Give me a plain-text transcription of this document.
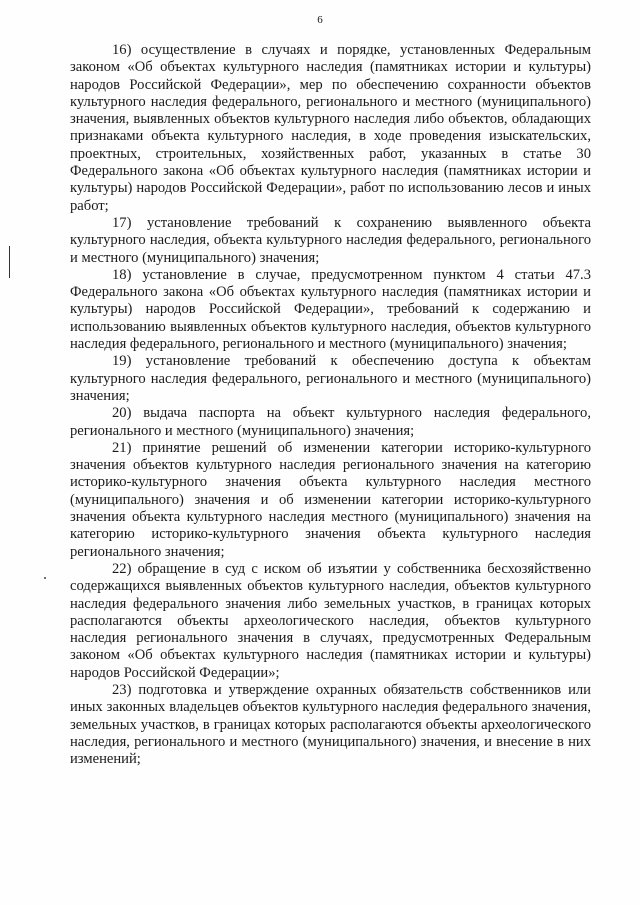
6

16) осуществление в случаях и порядке, установленных Федеральным законом «Об объектах культурного наследия (памятниках истории и культуры) народов Российской Федерации», мер по обеспечению сохранности объектов культурного наследия федерального, регионального и местного (муниципального) значения, выявленных объектов культурного наследия либо объектов, обладающих признаками объекта культурного наследия, в ходе проведения изыскательских, проектных, строительных, хозяйственных работ, указанных в статье 30 Федерального закона «Об объектах культурного наследия (памятниках истории и культуры) народов Российской Федерации», работ по использованию лесов и иных работ;

17) установление требований к сохранению выявленного объекта культурного наследия, объекта культурного наследия федерального, регионального и местного (муниципального) значения;

18) установление в случае, предусмотренном пунктом 4 статьи 47.3 Федерального закона «Об объектах культурного наследия (памятниках истории и культуры) народов Российской Федерации», требований к содержанию и использованию выявленных объектов культурного наследия, объектов культурного наследия федерального, регионального и местного (муниципального) значения;

19) установление требований к обеспечению доступа к объектам культурного наследия федерального, регионального и местного (муниципального) значения;

20) выдача паспорта на объект культурного наследия федерального, регионального и местного (муниципального) значения;

21) принятие решений об изменении категории историко-культурного значения объектов культурного наследия регионального значения на категорию историко-культурного значения объекта культурного наследия местного (муниципального) значения и об изменении категории историко-культурного значения объекта культурного наследия местного (муниципального) значения на категорию историко-культурного значения объекта культурного наследия регионального значения;

22) обращение в суд с иском об изъятии у собственника бесхозяйственно содержащихся выявленных объектов культурного наследия, объектов культурного наследия федерального значения либо земельных участков, в границах которых располагаются объекты археологического наследия, объектов культурного наследия регионального значения в случаях, предусмотренных Федеральным законом «Об объектах культурного наследия (памятниках истории и культуры) народов Российской Федерации»;

23) подготовка и утверждение охранных обязательств собственников или иных законных владельцев объектов культурного наследия федерального значения, земельных участков, в границах которых располагаются объекты археологического наследия, регионального и местного (муниципального) значения, и внесение в них изменений;
